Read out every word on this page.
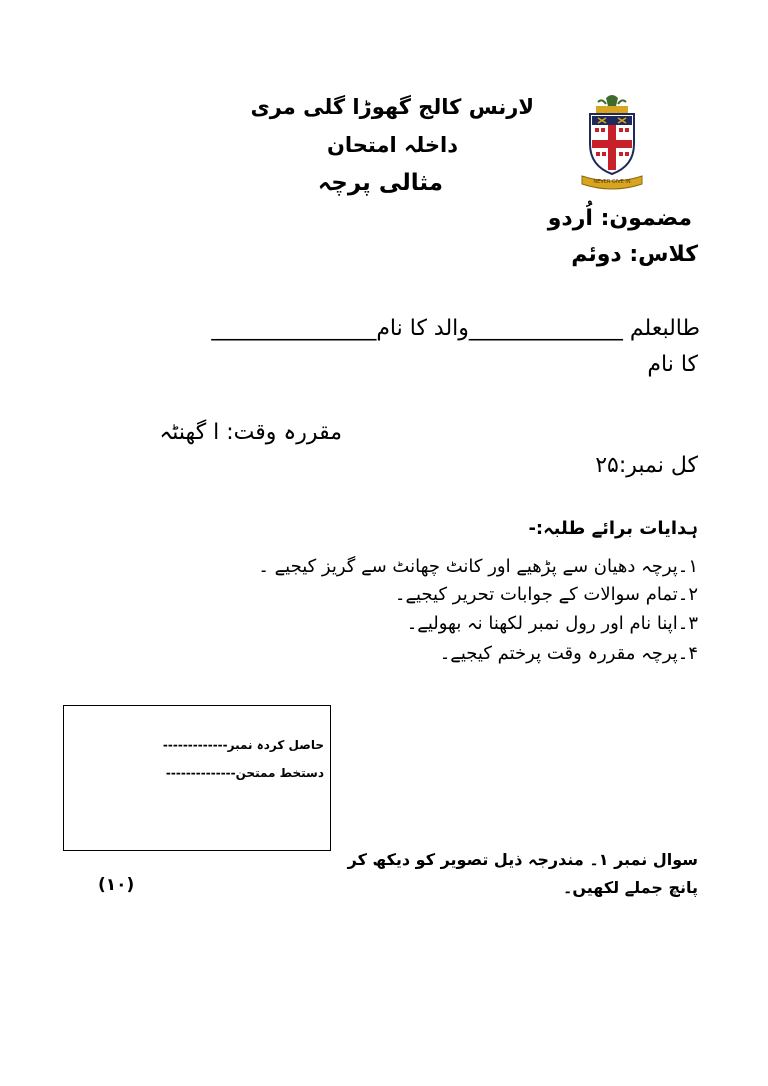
لارنس کالج گھوڑا گلی مری
داخلہ امتحان
مثالی پرچہ	NEVER GIVE IN
مضمون: اُردو
کلاس: دوئم
طالبعلم ______________والد کا نام_______________
کا نام
مقررہ وقت: ا گھنٹہ
کل نمبر:۲۵
ہدایات برائے طلبہ:-
۱۔پرچہ دھیان سے پڑھیے اور کانٹ چھانٹ سے گریز کیجیے ۔
۲۔تمام سوالات کے جوابات تحریر کیجیے۔
۳۔اپنا نام اور رول نمبر لکھنا نہ بھولیے۔
۴۔پرچہ مقررہ وقت پرختم کیجیے۔
حاصل کردہ نمبر-------------
دستخط ممتحن--------------
سوال نمبر ۱۔ مندرجہ ذیل تصویر کو دیکھ کر
پانچ جملے لکھیں۔
(۱۰)
